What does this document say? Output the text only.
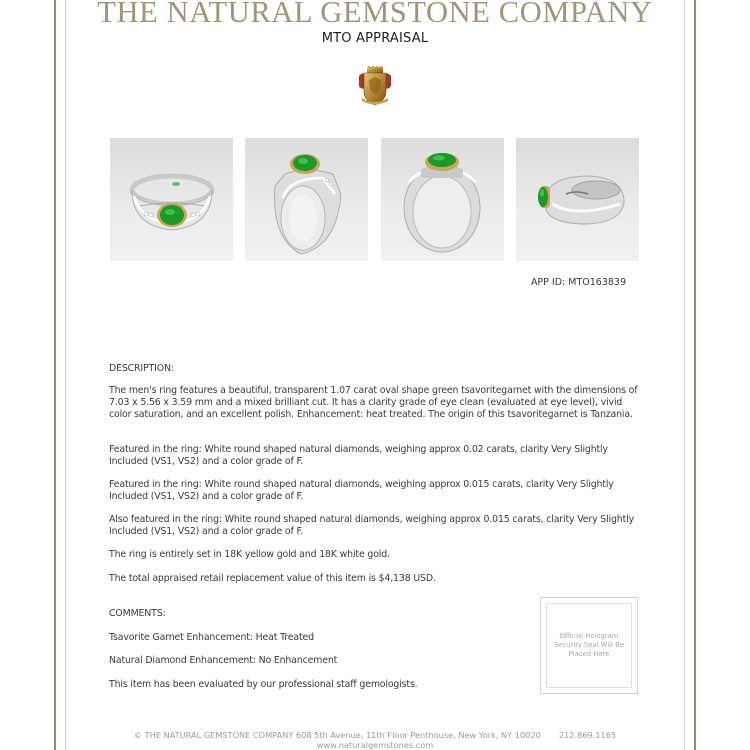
THE NATURAL GEMSTONE COMPANY
MTO APPRAISAL
APP ID: MTO163839
DESCRIPTION:
The men's ring features a beautiful, transparent 1.07 carat oval shape green tsavoritegarnet with the dimensions of 7.03 x 5.56 x 3.59 mm and a mixed brilliant cut. It has a clarity grade of eye clean (evaluated at eye level), vivid color saturation, and an excellent polish. Enhancement: heat treated. The origin of this tsavoritegarnet is Tanzania.
Featured in the ring: White round shaped natural diamonds, weighing approx 0.02 carats, clarity Very Slightly Included (VS1, VS2) and a color grade of F.
Featured in the ring: White round shaped natural diamonds, weighing approx 0.015 carats, clarity Very Slightly Included (VS1, VS2) and a color grade of F.
Also featured in the ring: White round shaped natural diamonds, weighing approx 0.015 carats, clarity Very Slightly Included (VS1, VS2) and a color grade of F.
The ring is entirely set in 18K yellow gold and 18K white gold.
The total appraised retail replacement value of this item is $4,138 USD.
COMMENTS:
Tsavorite Garnet Enhancement: Heat Treated
Natural Diamond Enhancement: No Enhancement
This item has been evaluated by our professional staff gemologists.
Official Hologram Security Seal Will Be Placed Here
© THE NATURAL GEMSTONE COMPANY 608 5th Avenue, 11th Floor Penthouse, New York, NY 10020 212.869.1165
www.naturalgemstones.com
